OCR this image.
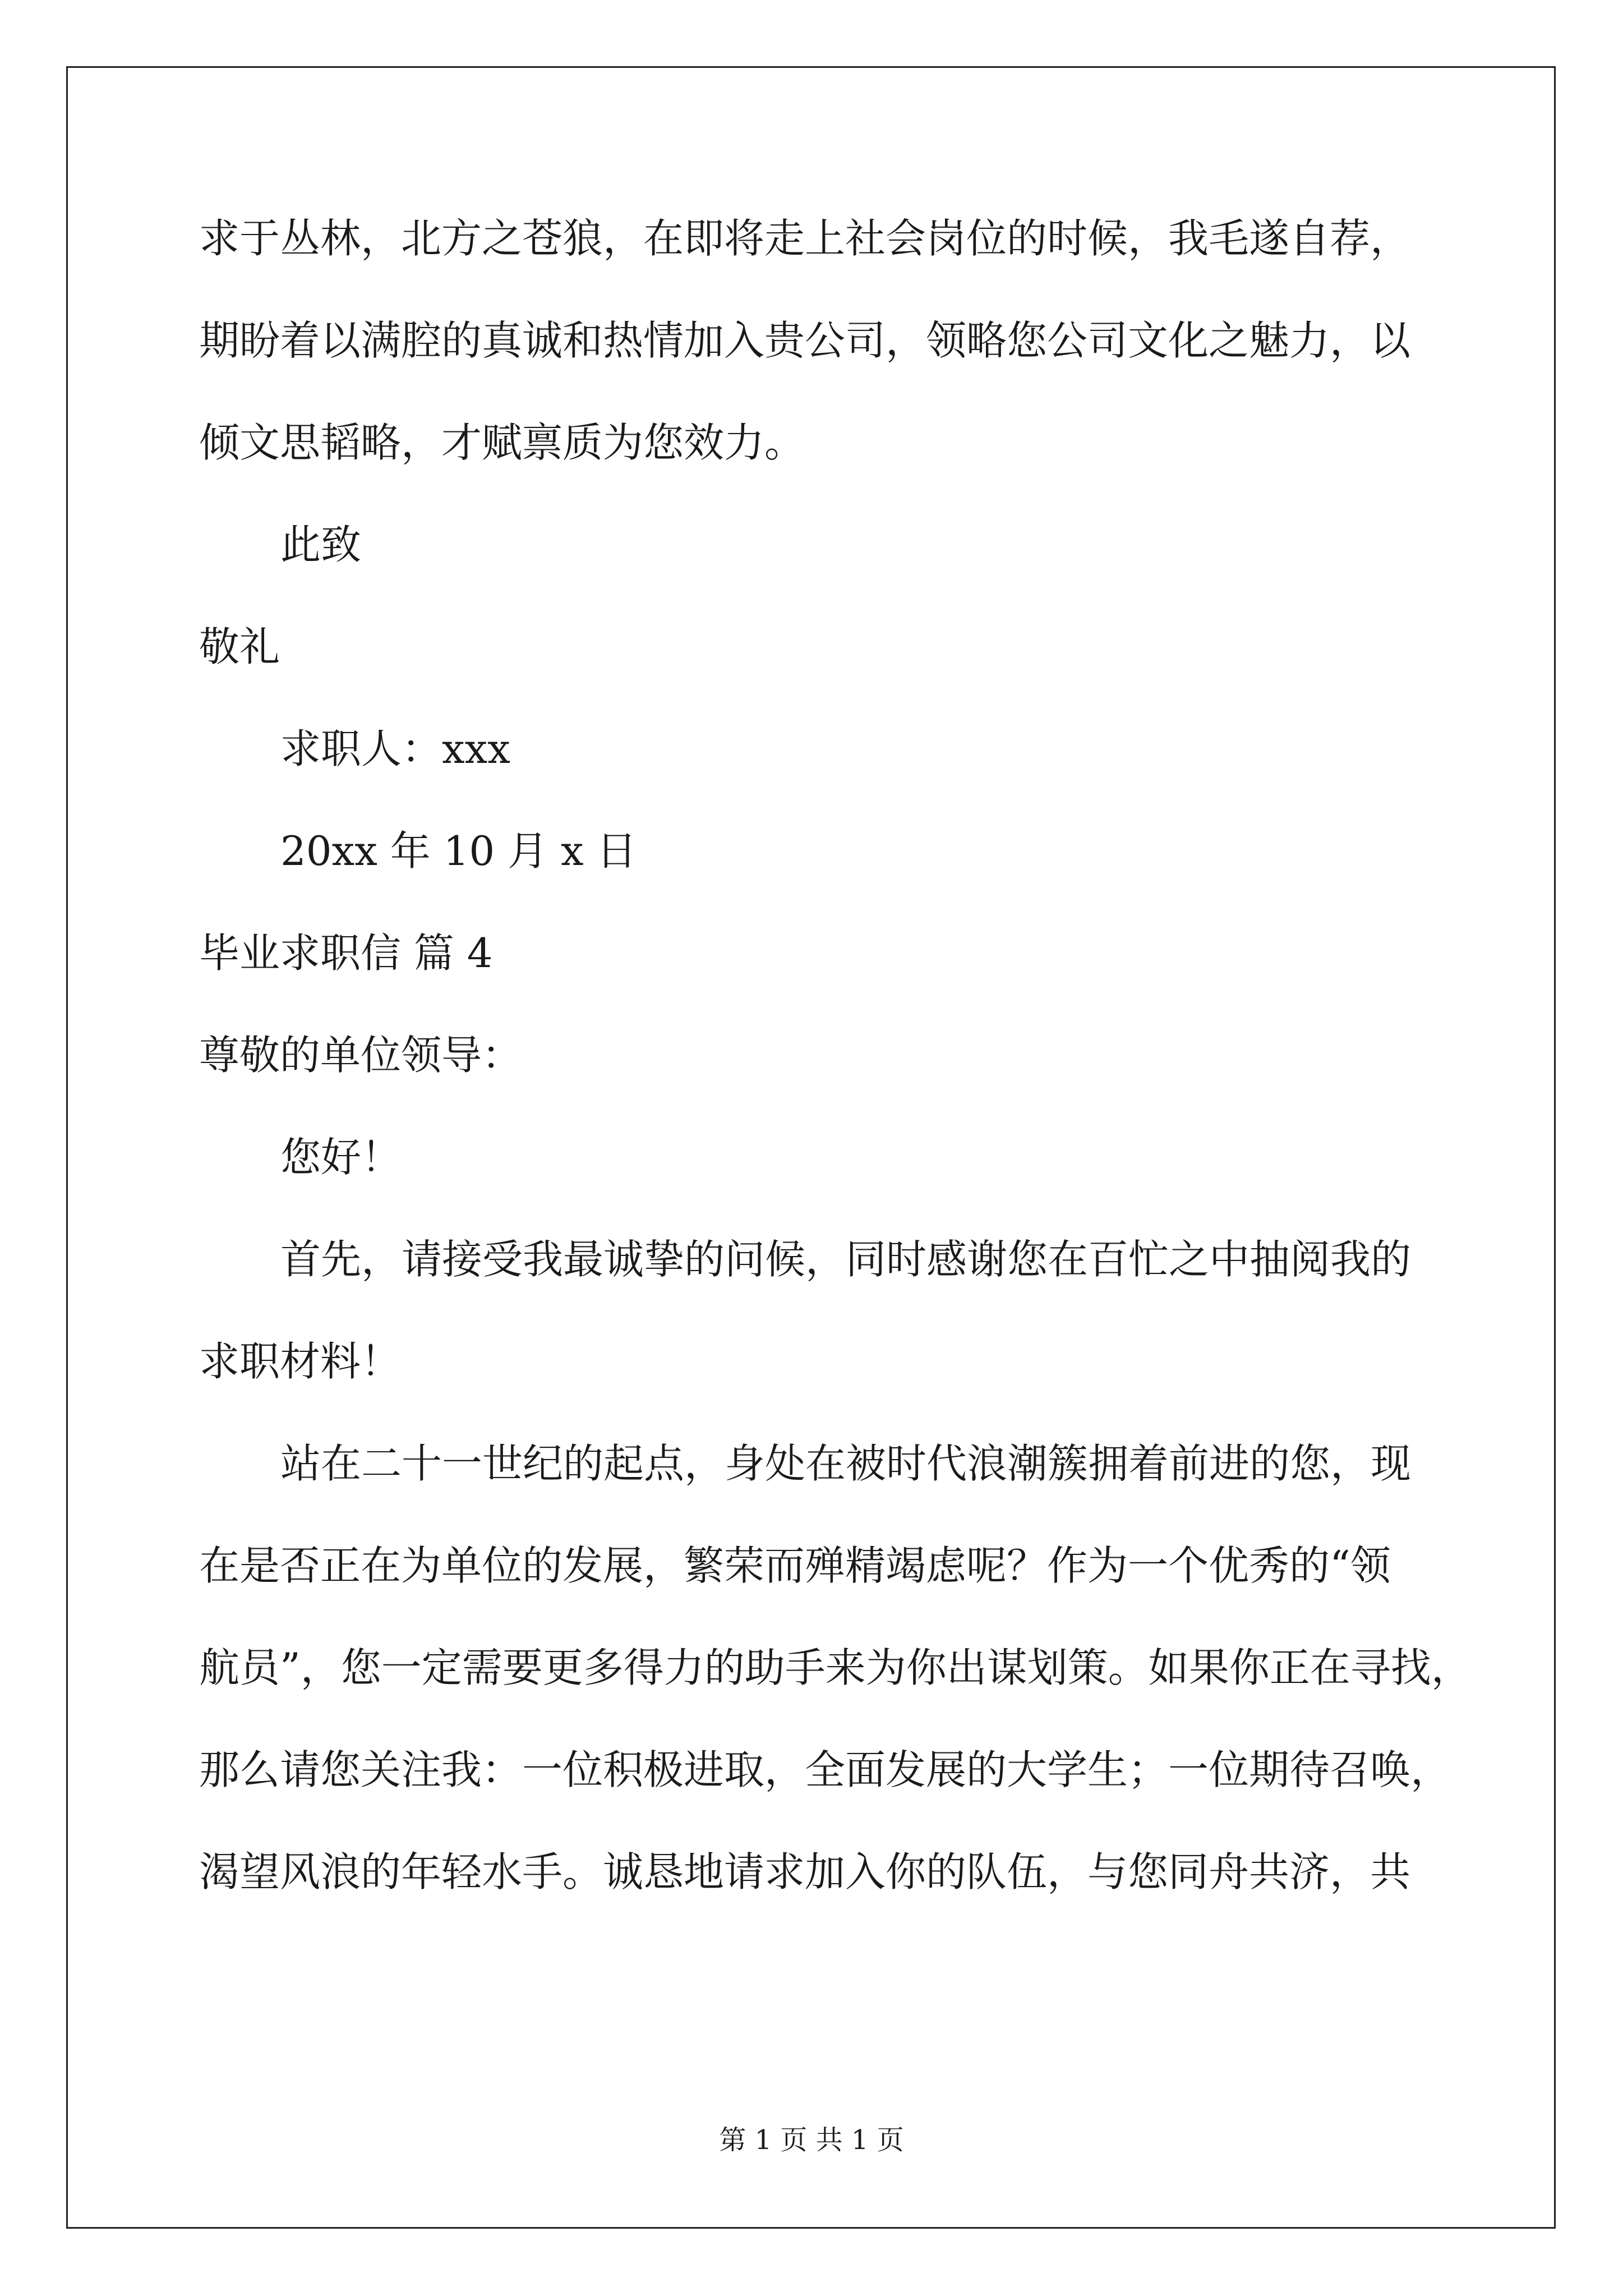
求于丛林，北方之苍狼，在即将走上社会岗位的时候，我毛遂自荐，

期盼着以满腔的真诚和热情加入贵公司，领略您公司文化之魅力，以

倾文思韬略，才赋禀质为您效力。

此致

敬礼

求职人：xxx

20xx 年 10 月 x 日

毕业求职信 篇 4

尊敬的单位领导：

您好！

首先，请接受我最诚挚的问候，同时感谢您在百忙之中抽阅我的

求职材料！

站在二十一世纪的起点，身处在被时代浪潮簇拥着前进的您，现

在是否正在为单位的发展，繁荣而殚精竭虑呢？作为一个优秀的“领

航员”，您一定需要更多得力的助手来为你出谋划策。如果你正在寻找，

那么请您关注我：一位积极进取，全面发展的大学生；一位期待召唤，

渴望风浪的年轻水手。诚恳地请求加入你的队伍，与您同舟共济，共

第 1 页 共 1 页
